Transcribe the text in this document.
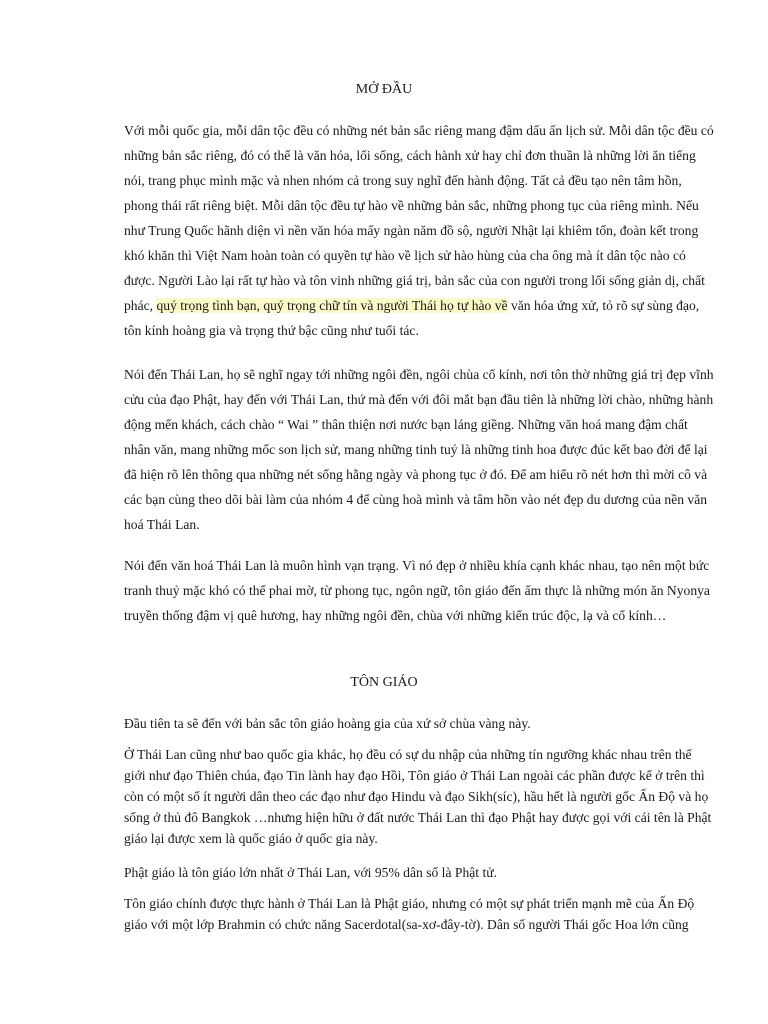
MỞ ĐẦU

Với mỗi quốc gia, mỗi dân tộc đều có những nét bản sắc riêng mang đậm dấu ấn lịch sử. Mỗi dân tộc đều có những bản sắc riêng, đó có thể là văn hóa, lối sống, cách hành xử hay chỉ đơn thuần là những lời ăn tiếng nói, trang phục mình mặc và nhen nhóm cả trong suy nghĩ đến hành động. Tất cả đều tạo nên tâm hồn, phong thái rất riêng biệt. Mỗi dân tộc đều tự hào về những bản sắc, những phong tục của riêng mình. Nếu như Trung Quốc hãnh diện vì nền văn hóa mấy ngàn năm đồ sộ, người Nhật lại khiêm tốn, đoàn kết trong khó khăn thì Việt Nam hoàn toàn có quyền tự hào về lịch sử hào hùng của cha ông mà ít dân tộc nào có được. Người Lào lại rất tự hào và tôn vinh những giá trị, bản sắc của con người trong lối sống giản dị, chất phác, quý trọng tình bạn, quý trọng chữ tín và người Thái họ tự hào về văn hóa ứng xử, tỏ rõ sự sùng đạo, tôn kính hoàng gia và trọng thứ bậc cũng như tuổi tác.

Nói đến Thái Lan, họ sẽ nghĩ ngay tới những ngôi đền, ngôi chùa cổ kính, nơi tôn thờ những giá trị đẹp vĩnh cửu của đạo Phật, hay đến với Thái Lan, thứ mà đến với đôi mắt bạn đầu tiên là những lời chào, những hành động mến khách, cách chào “ Wai ” thân thiện nơi nước bạn láng giềng. Những văn hoá mang đậm chất nhân văn, mang những mốc son lịch sử, mang những tinh tuý là những tinh hoa được đúc kết bao đời để lại đã hiện rõ lên thông qua những nét sống hằng ngày và phong tục ở đó. Để am hiểu rõ nét hơn thì mời cô và các bạn cùng theo dõi bài làm của nhóm 4 để cùng hoà mình và tâm hồn vào nét đẹp du dương của nền văn hoá Thái Lan.

Nói đến văn hoá Thái Lan là muôn hình vạn trạng. Vì nó đẹp ở nhiều khía cạnh khác nhau, tạo nên một bức tranh thuỷ mặc khó có thể phai mờ, từ phong tục, ngôn ngữ, tôn giáo đến ẩm thực là những món ăn Nyonya truyền thống đậm vị quê hương, hay những ngôi đền, chùa với những kiến trúc độc, lạ và cổ kính…

TÔN GIÁO

Đầu tiên ta sẽ đến với bản sắc tôn giáo hoàng gia của xứ sở chùa vàng này.

Ở Thái Lan cũng như bao quốc gia khác, họ đều có sự du nhập của những tín ngưỡng khác nhau trên thế giới như đạo Thiên chúa, đạo Tin lành hay đạo Hồi, Tôn giáo ở Thái Lan ngoài các phần được kể ở trên thì còn có một số ít người dân theo các đạo như đạo Hindu và đạo Sikh(síc), hầu hết là người gốc Ấn Độ và họ sống ở thủ đô Bangkok …nhưng hiện hữu ở đất nước Thái Lan thì đạo Phật hay được gọi với cái tên là Phật giáo lại được xem là quốc giáo ở quốc gia này.

Phật giáo là tôn giáo lớn nhất ở Thái Lan, với 95% dân số là Phật tử.

Tôn giáo chính được thực hành ở Thái Lan là Phật giáo, nhưng có một sự phát triển mạnh mẽ của Ấn Độ giáo với một lớp Brahmin có chức năng Sacerdotal(sa-xơ-đây-tờ). Dân số người Thái gốc Hoa lớn cũng
